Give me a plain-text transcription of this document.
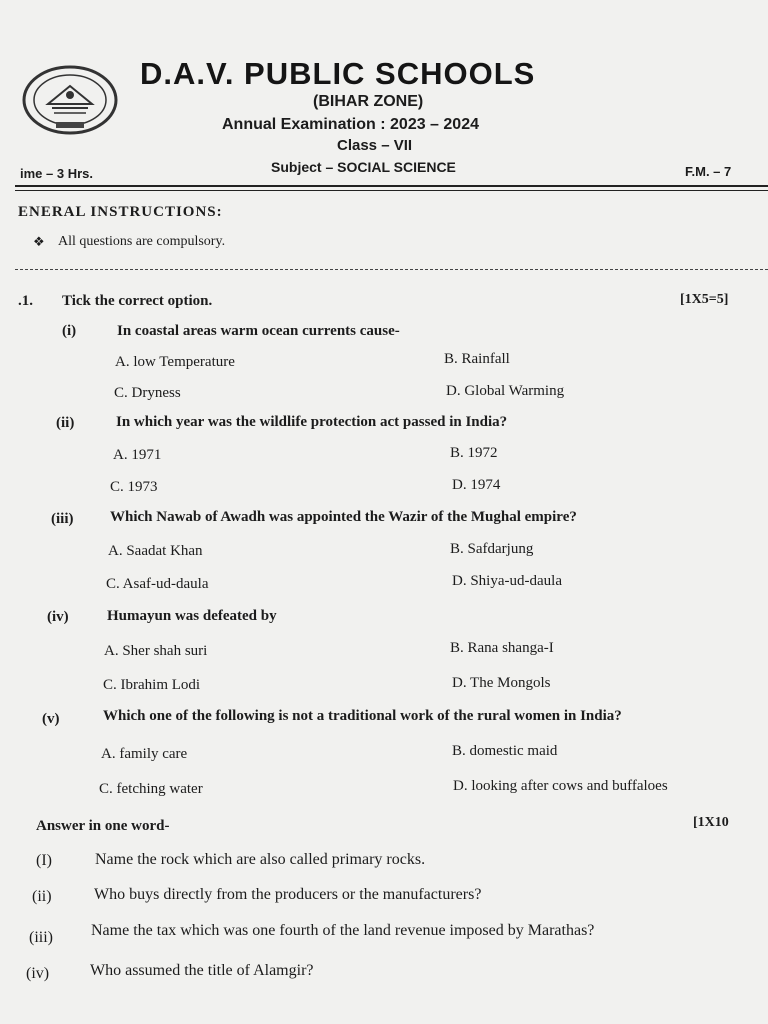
D.A.V. PUBLIC SCHOOLS
(BIHAR ZONE)
Annual Examination : 2023 – 2024
Class – VII
Subject – SOCIAL SCIENCE
ime – 3 Hrs.	F.M. – 7
ENERAL INSTRUCTIONS:
❖ All questions are compulsory.
.1. Tick the correct option.	[1X5=5]
(i)	In coastal areas warm ocean currents cause-
A. low Temperature	B. Rainfall
C. Dryness	D. Global Warming
(ii)	In which year was the wildlife protection act passed in India?
A. 1971	B. 1972
C. 1973	D. 1974
(iii) Which Nawab of Awadh was appointed the Wazir of the Mughal empire?
A. Saadat Khan	B. Safdarjung
C. Asaf-ud-daula	D. Shiya-ud-daula
(iv)	Humayun was defeated by
A. Sher shah suri	B. Rana shanga-I
C. Ibrahim Lodi	D. The Mongols
(v)	Which one of the following is not a traditional work of the rural women in India?
A. family care	B. domestic maid
C. fetching water	D. looking after cows and buffaloes
Answer in one word-	[1X10
(I)	Name the rock which are also called primary rocks.
(ii)	Who buys directly from the producers or the manufacturers?
(iii) Name the tax which was one fourth of the land revenue imposed by Marathas?
(iv)	Who assumed the title of Alamgir?
